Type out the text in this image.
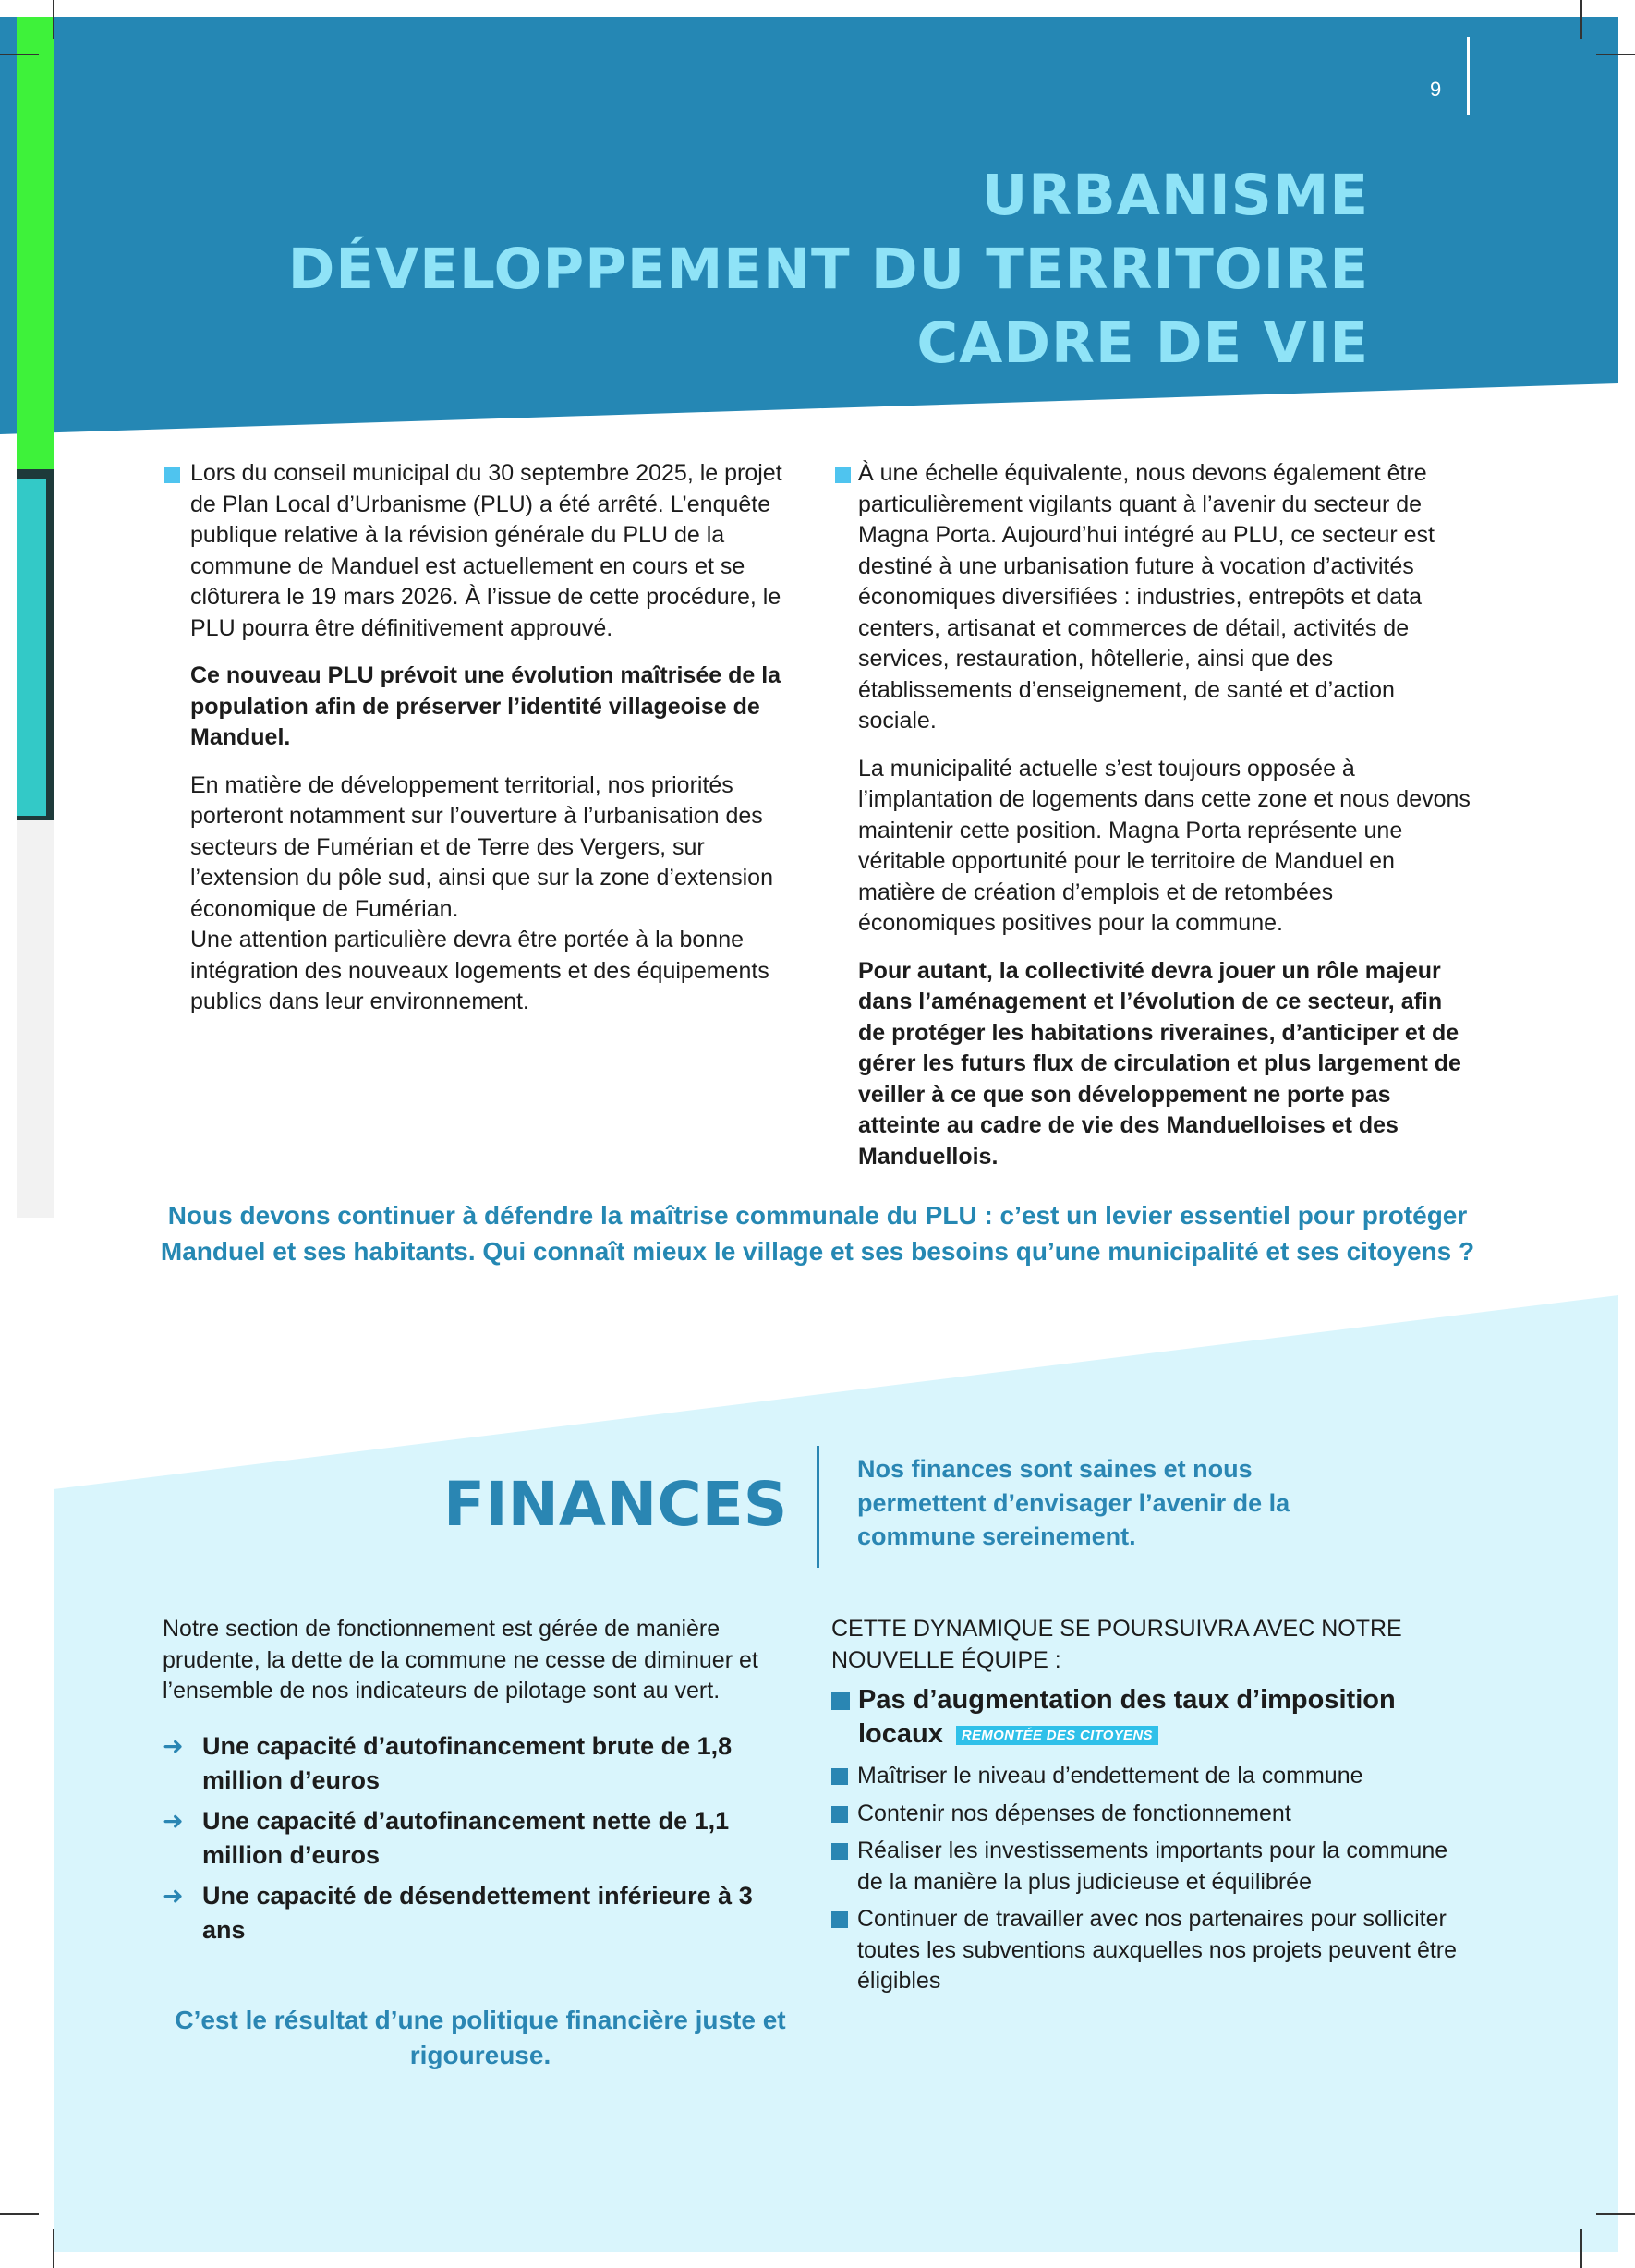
9
URBANISME
DÉVELOPPEMENT DU TERRITOIRE
CADRE DE VIE

Lors du conseil municipal du 30 septembre 2025, le projet de Plan Local d’Urbanisme (PLU) a été arrêté. L’enquête publique relative à la révision générale du PLU de la commune de Manduel est actuellement en cours et se clôturera le 19 mars 2026. À l’issue de cette procédure, le PLU pourra être définitivement approuvé.

Ce nouveau PLU prévoit une évolution maîtrisée de la population afin de préserver l’identité villageoise de Manduel.

En matière de développement territorial, nos priorités porteront notamment sur l’ouverture à l’urbanisation des secteurs de Fumérian et de Terre des Vergers, sur l’extension du pôle sud, ainsi que sur la zone d’extension économique de Fumérian.

Une attention particulière devra être portée à la bonne intégration des nouveaux logements et des équipements publics dans leur environnement.

À une échelle équivalente, nous devons également être particulièrement vigilants quant à l’avenir du secteur de Magna Porta. Aujourd’hui intégré au PLU, ce secteur est destiné à une urbanisation future à vocation d’activités économiques diversifiées : industries, entrepôts et data centers, artisanat et commerces de détail, activités de services, restauration, hôtellerie, ainsi que des établissements d’enseignement, de santé et d’action sociale.

La municipalité actuelle s’est toujours opposée à l’implantation de logements dans cette zone et nous devons maintenir cette position. Magna Porta représente une véritable opportunité pour le territoire de Manduel en matière de création d’emplois et de retombées économiques positives pour la commune.

Pour autant, la collectivité devra jouer un rôle majeur dans l’aménagement et l’évolution de ce secteur, afin de protéger les habitations riveraines, d’anticiper et de gérer les futurs flux de circulation et plus largement de veiller à ce que son développement ne porte pas atteinte au cadre de vie des Manduelloises et des Manduellois.

Nous devons continuer à défendre la maîtrise communale du PLU : c’est un levier essentiel pour protéger Manduel et ses habitants. Qui connaît mieux le village et ses besoins qu’une municipalité et ses citoyens ?
FINANCES	Nos finances sont saines et nous permettent d’envisager l’avenir de la commune sereinement.

Notre section de fonctionnement est gérée de manière prudente, la dette de la commune ne cesse de diminuer et l’ensemble de nos indicateurs de pilotage sont au vert.

➜ Une capacité d’autofinancement brute de 1,8 million d’euros
➜ Une capacité d’autofinancement nette de 1,1 million d’euros
➜ Une capacité de désendettement inférieure à 3 ans
C’est le résultat d’une politique financière juste et rigoureuse.

CETTE DYNAMIQUE SE POURSUIVRA AVEC NOTRE NOUVELLE ÉQUIPE :

Pas d’augmentation des taux d’imposition locaux REMONTÉE DES CITOYENS
Maîtriser le niveau d’endettement de la commune
Contenir nos dépenses de fonctionnement
Réaliser les investissements importants pour la commune de la manière la plus judicieuse et équilibrée
Continuer de travailler avec nos partenaires pour solliciter toutes les subventions auxquelles nos projets peuvent être éligibles
